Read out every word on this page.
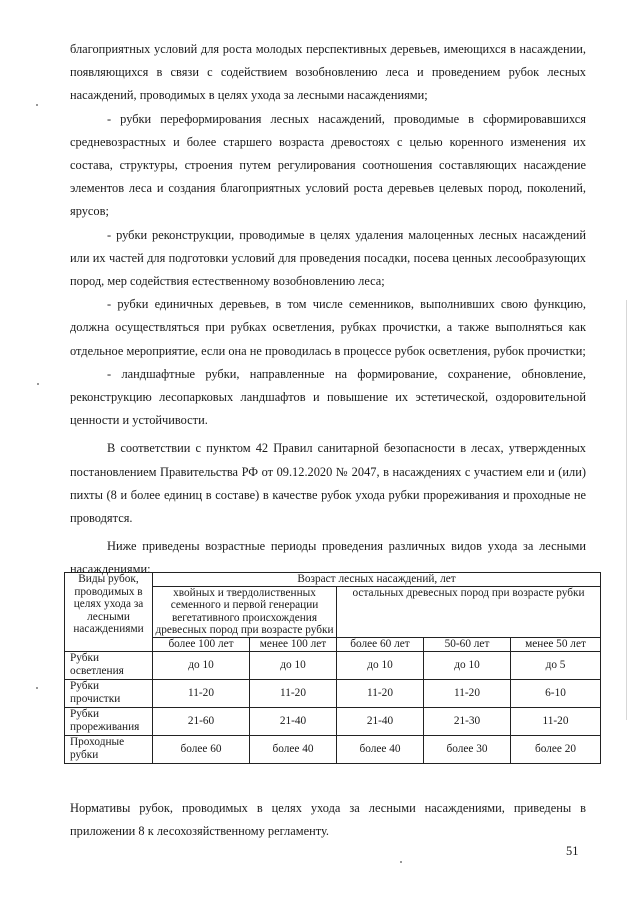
благоприятных условий для роста молодых перспективных деревьев, имеющихся в насаждении, появляющихся в связи с содействием возобновлению леса и проведением рубок лесных насаждений, проводимых в целях ухода за лесными насаждениями;

- рубки переформирования лесных насаждений, проводимые в сформировавшихся средневозрастных и более старшего возраста древостоях с целью коренного изменения их состава, структуры, строения путем регулирования соотношения составляющих насаждение элементов леса и создания благоприятных условий роста деревьев целевых пород, поколений, ярусов;

- рубки реконструкции, проводимые в целях удаления малоценных лесных насаждений или их частей для подготовки условий для проведения посадки, посева ценных лесообразующих пород, мер содействия естественному возобновлению леса;

- рубки единичных деревьев, в том числе семенников, выполнивших свою функцию, должна осуществляться при рубках осветления, рубках прочистки, а также выполняться как отдельное мероприятие, если она не проводилась в процессе рубок осветления, рубок прочистки;

- ландшафтные рубки, направленные на формирование, сохранение, обновление, реконструкцию лесопарковых ландшафтов и повышение их эстетической, оздоровительной ценности и устойчивости.

В соответствии с пунктом 42 Правил санитарной безопасности в лесах, утвержденных постановлением Правительства РФ от 09.12.2020 № 2047, в насаждениях с участием ели и (или) пихты (8 и более единиц в составе) в качестве рубок ухода рубки прореживания и проходные не проводятся.

Ниже приведены возрастные периоды проведения различных видов ухода за лесными насаждениями:

Виды рубок, проводимых в целях ухода за лесными насаждениями	Возраст лесных насаждений, лет				
	хвойных и твердолиственных семенного и первой генерации вегетативного происхождения древесных пород при возрасте рубки		остальных древесных пород при возрасте рубки		
	более 100 лет	менее 100 лет	более 60 лет	50-60 лет	менее 50 лет
Рубки осветления	до 10	до 10	до 10	до 10	до 5
Рубки прочистки	11-20	11-20	11-20	11-20	6-10
Рубки прореживания	21-60	21-40	21-40	21-30	11-20
Проходные рубки	более 60	более 40	более 40	более 30	более 20

Нормативы рубок, проводимых в целях ухода за лесными насаждениями, приведены в приложении 8 к лесохозяйственному регламенту.

51
